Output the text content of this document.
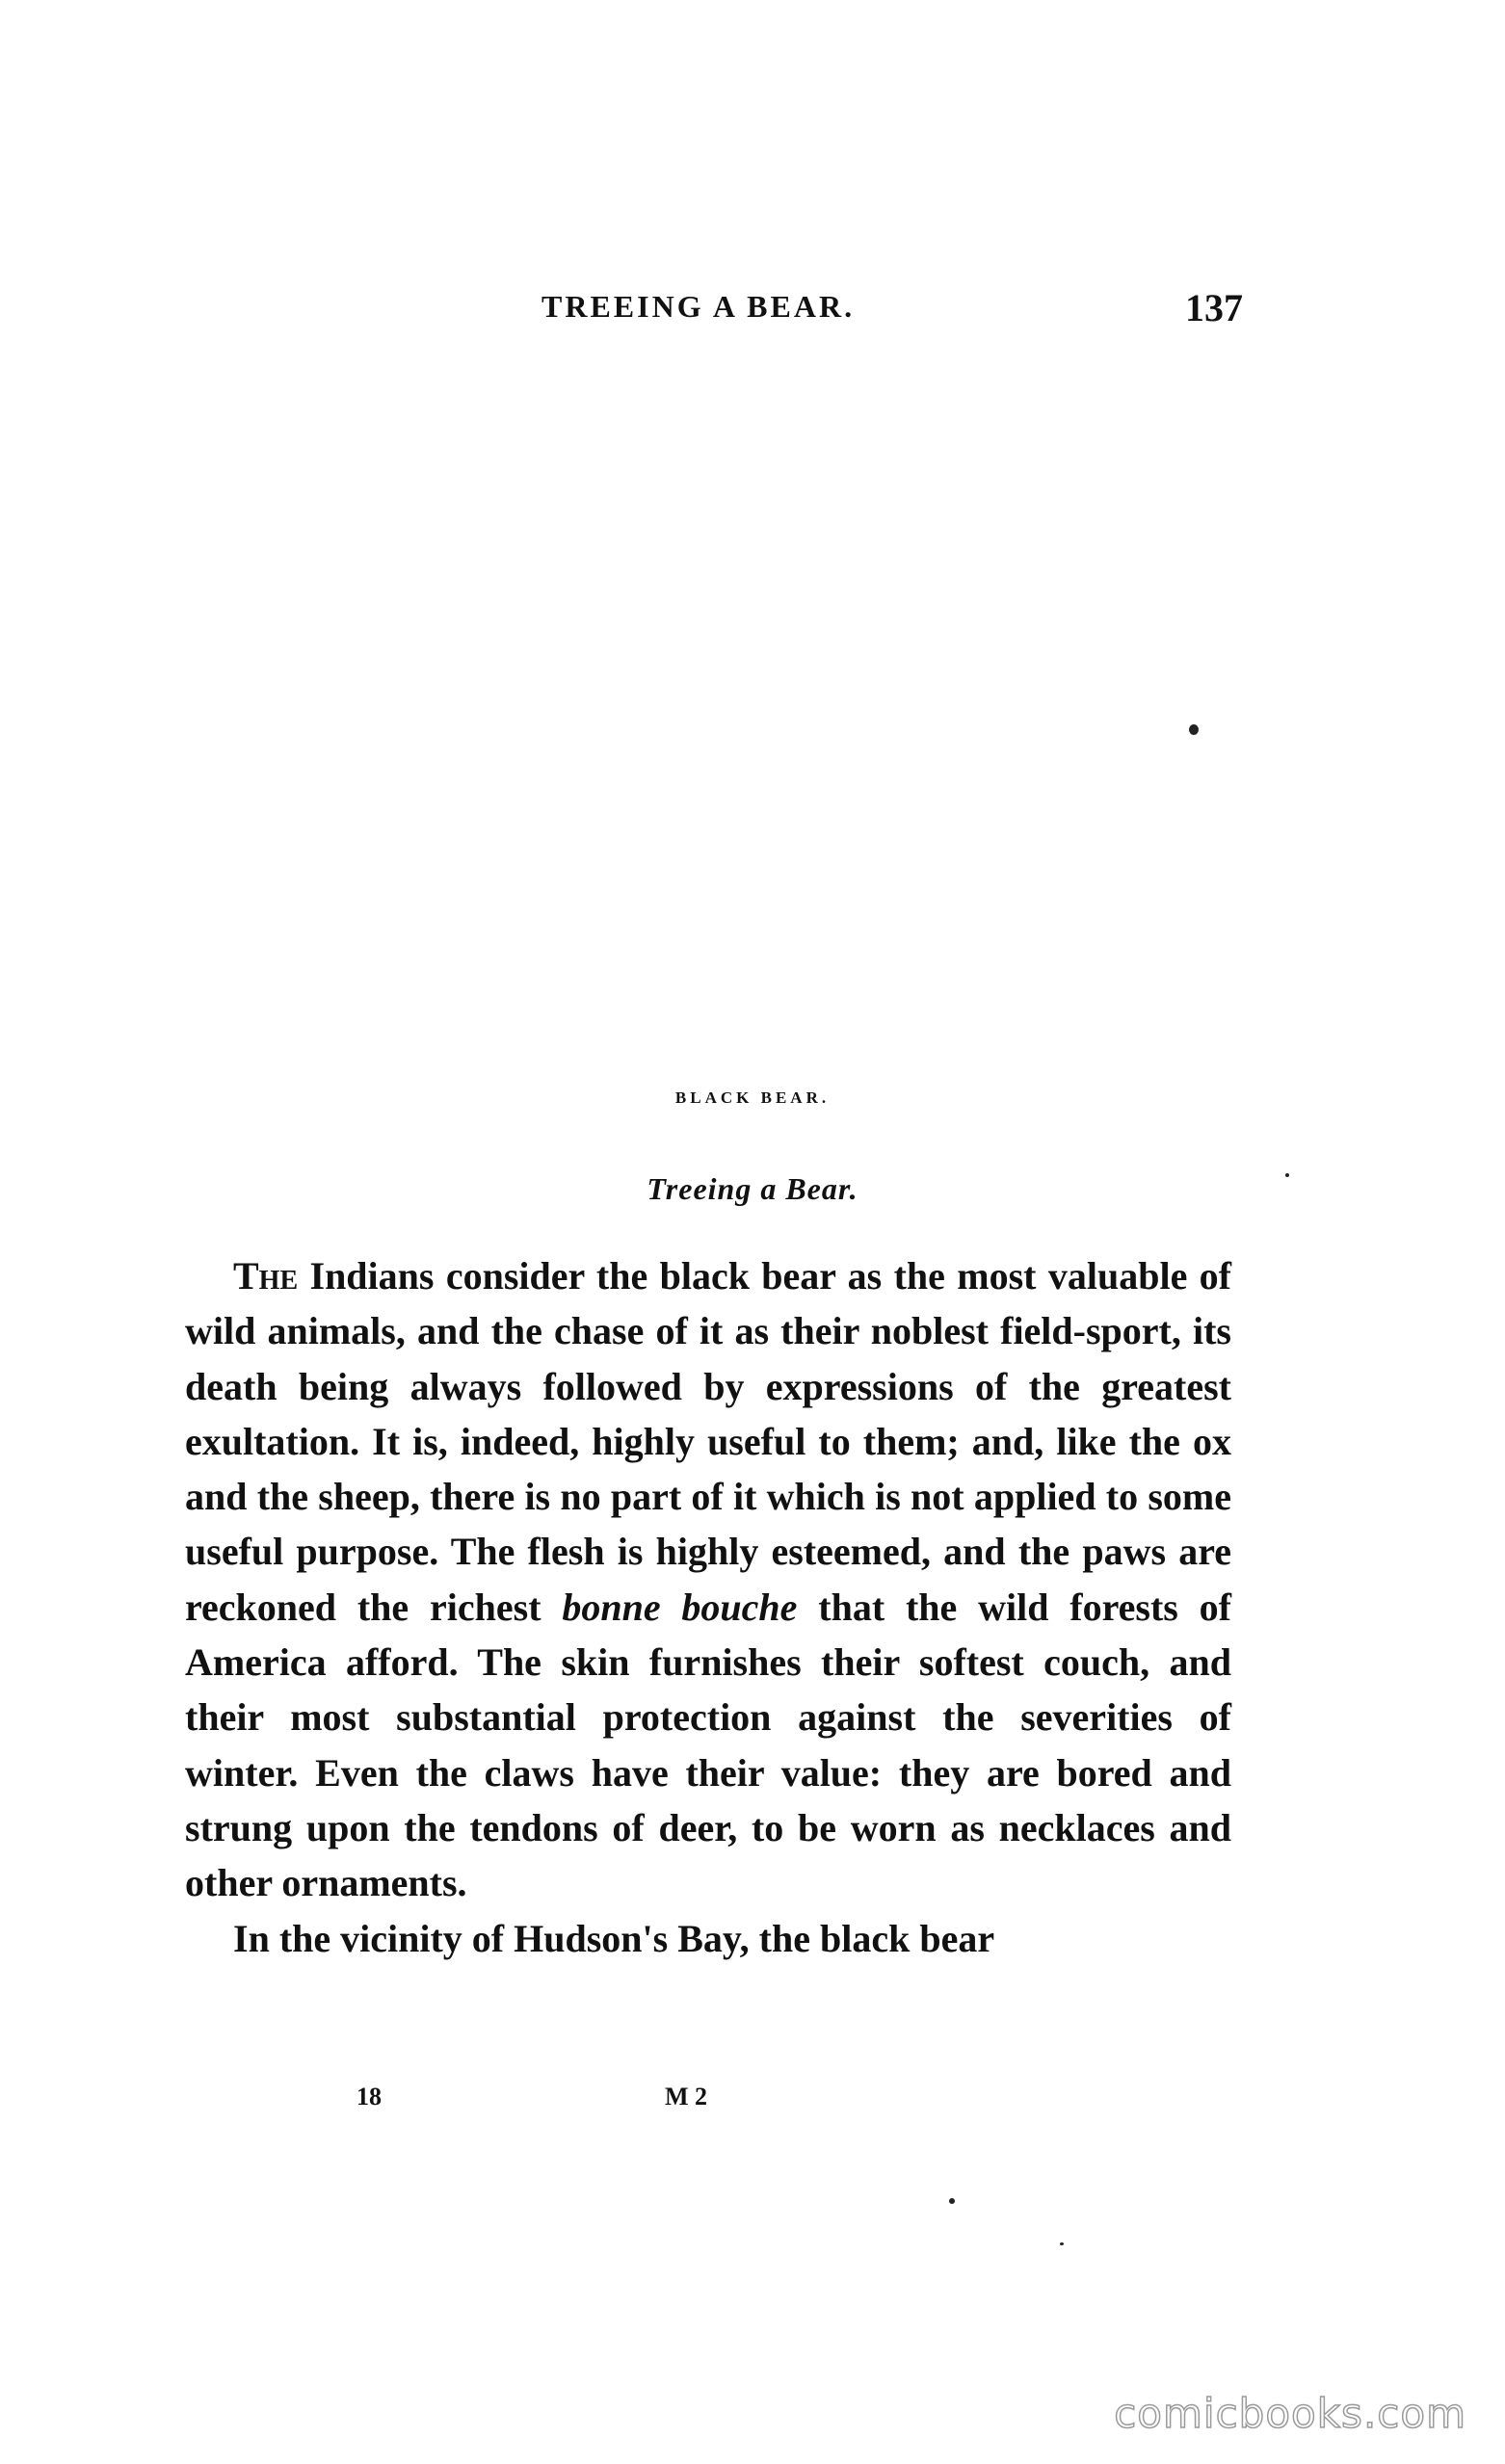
TREEING A BEAR.	137
BLACK BEAR.
Treeing a Bear.

The Indians consider the black bear as the most valuable of wild animals, and the chase of it as their noblest field-sport, its death being always followed by expressions of the greatest exultation. It is, indeed, highly useful to them; and, like the ox and the sheep, there is no part of it which is not applied to some useful purpose. The flesh is highly esteemed, and the paws are reckoned the richest bonne bouche that the wild forests of America afford. The skin furnishes their softest couch, and their most substantial protection against the severities of winter. Even the claws have their value: they are bored and strung upon the tendons of deer, to be worn as necklaces and other ornaments.

In the vicinity of Hudson's Bay, the black bear

18	M 2
comicbooks.com
